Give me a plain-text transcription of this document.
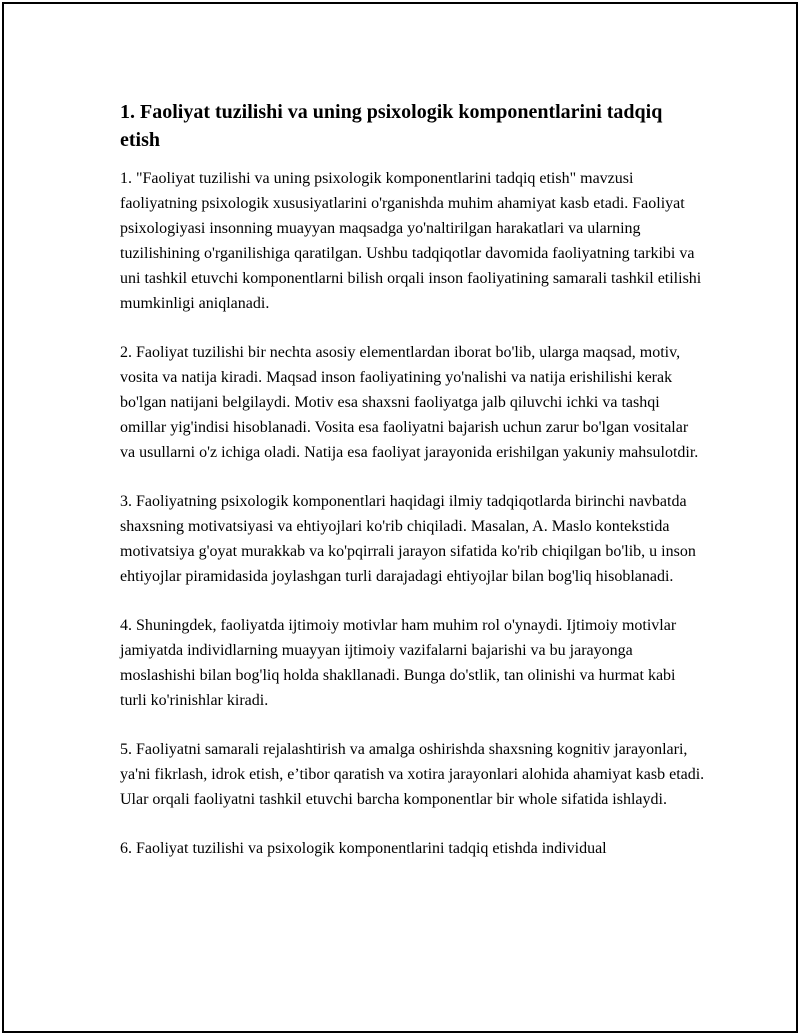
1. Faoliyat tuzilishi va uning psixologik komponentlarini tadqiq etish

1. "Faoliyat tuzilishi va uning psixologik komponentlarini tadqiq etish" mavzusi faoliyatning psixologik xususiyatlarini o'rganishda muhim ahamiyat kasb etadi. Faoliyat psixologiyasi insonning muayyan maqsadga yo'naltirilgan harakatlari va ularning tuzilishining o'rganilishiga qaratilgan. Ushbu tadqiqotlar davomida faoliyatning tarkibi va uni tashkil etuvchi komponentlarni bilish orqali inson faoliyatining samarali tashkil etilishi mumkinligi aniqlanadi.

2. Faoliyat tuzilishi bir nechta asosiy elementlardan iborat bo'lib, ularga maqsad, motiv, vosita va natija kiradi. Maqsad inson faoliyatining yo'nalishi va natija erishilishi kerak bo'lgan natijani belgilaydi. Motiv esa shaxsni faoliyatga jalb qiluvchi ichki va tashqi omillar yig'indisi hisoblanadi. Vosita esa faoliyatni bajarish uchun zarur bo'lgan vositalar va usullarni o'z ichiga oladi. Natija esa faoliyat jarayonida erishilgan yakuniy mahsulotdir.

3. Faoliyatning psixologik komponentlari haqidagi ilmiy tadqiqotlarda birinchi navbatda shaxsning motivatsiyasi va ehtiyojlari ko'rib chiqiladi. Masalan, A. Maslo kontekstida motivatsiya g'oyat murakkab va ko'pqirrali jarayon sifatida ko'rib chiqilgan bo'lib, u inson ehtiyojlar piramidasida joylashgan turli darajadagi ehtiyojlar bilan bog'liq hisoblanadi.

4. Shuningdek, faoliyatda ijtimoiy motivlar ham muhim rol o'ynaydi. Ijtimoiy motivlar jamiyatda individlarning muayyan ijtimoiy vazifalarni bajarishi va bu jarayonga moslashishi bilan bog'liq holda shakllanadi. Bunga do'stlik, tan olinishi va hurmat kabi turli ko'rinishlar kiradi.

5. Faoliyatni samarali rejalashtirish va amalga oshirishda shaxsning kognitiv jarayonlari, ya'ni fikrlash, idrok etish, e’tibor qaratish va xotira jarayonlari alohida ahamiyat kasb etadi. Ular orqali faoliyatni tashkil etuvchi barcha komponentlar bir whole sifatida ishlaydi.

6. Faoliyat tuzilishi va psixologik komponentlarini tadqiq etishda individual
